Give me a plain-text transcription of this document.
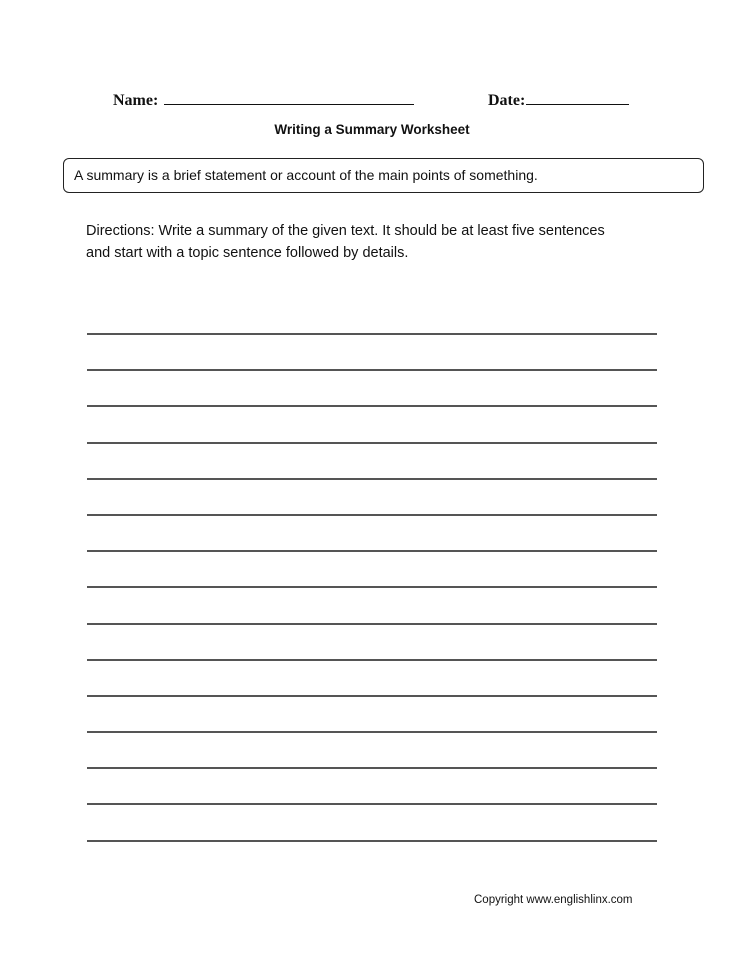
Name:	Date:
Writing a Summary Worksheet
A summary is a brief statement or account of the main points of something.
Directions: Write a summary of the given text. It should be at least five sentences
and start with a topic sentence followed by details.
Copyright www.englishlinx.com
